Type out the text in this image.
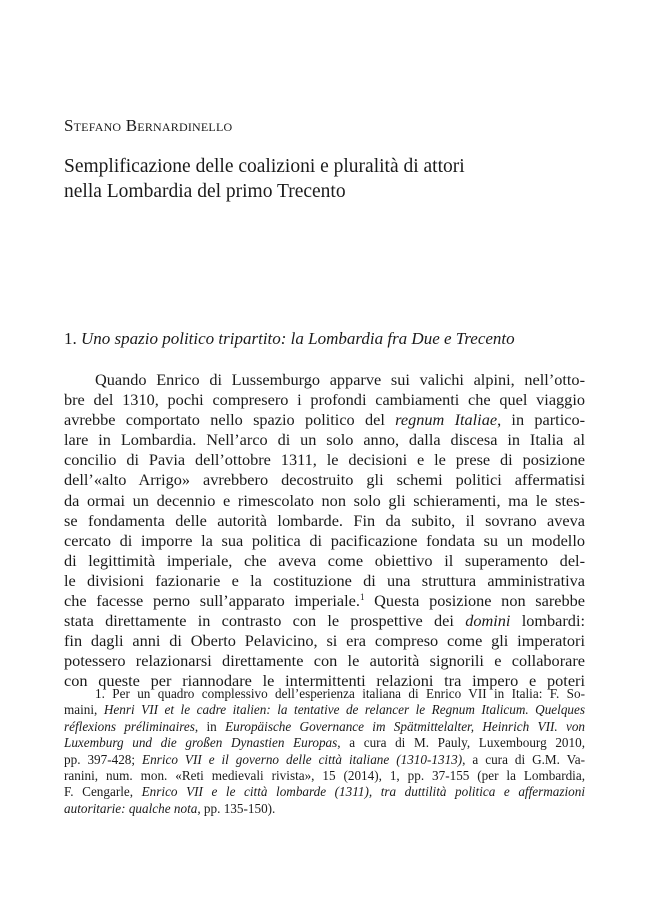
Stefano Bernardinello
Semplificazione delle coalizioni e pluralità di attori
nella Lombardia del primo Trecento
1. Uno spazio politico tripartito: la Lombardia fra Due e Trecento
Quando Enrico di Lussemburgo apparve sui valichi alpini, nell’otto-
bre del 1310, pochi compresero i profondi cambiamenti che quel viaggio
avrebbe comportato nello spazio politico del regnum Italiae, in partico-
lare in Lombardia. Nell’arco di un solo anno, dalla discesa in Italia al
concilio di Pavia dell’ottobre 1311, le decisioni e le prese di posizione
dell’«alto Arrigo» avrebbero decostruito gli schemi politici affermatisi
da ormai un decennio e rimescolato non solo gli schieramenti, ma le stes-
se fondamenta delle autorità lombarde. Fin da subito, il sovrano aveva
cercato di imporre la sua politica di pacificazione fondata su un modello
di legittimità imperiale, che aveva come obiettivo il superamento del-
le divisioni fazionarie e la costituzione di una struttura amministrativa
che facesse perno sull’apparato imperiale.$^1$ Questa posizione non sarebbe
stata direttamente in contrasto con le prospettive dei domini lombardi:
fin dagli anni di Oberto Pelavicino, si era compreso come gli imperatori
potessero relazionarsi direttamente con le autorità signorili e collaborare
con queste per riannodare le intermittenti relazioni tra impero e poteri
1. Per un quadro complessivo dell’esperienza italiana di Enrico VII in Italia: F. So-
maini, Henri VII et le cadre italien: la tentative de relancer le Regnum Italicum. Quelques
réflexions préliminaires, in Europäische Governance im Spätmittelalter, Heinrich VII. von
Luxemburg und die großen Dynastien Europas, a cura di M. Pauly, Luxembourg 2010,
pp. 397-428; Enrico VII e il governo delle città italiane (1310-1313), a cura di G.M. Va-
ranini, num. mon. «Reti medievali rivista», 15 (2014), 1, pp. 37-155 (per la Lombardia,
F. Cengarle, Enrico VII e le città lombarde (1311), tra duttilità politica e affermazioni
autoritarie: qualche nota, pp. 135-150).
